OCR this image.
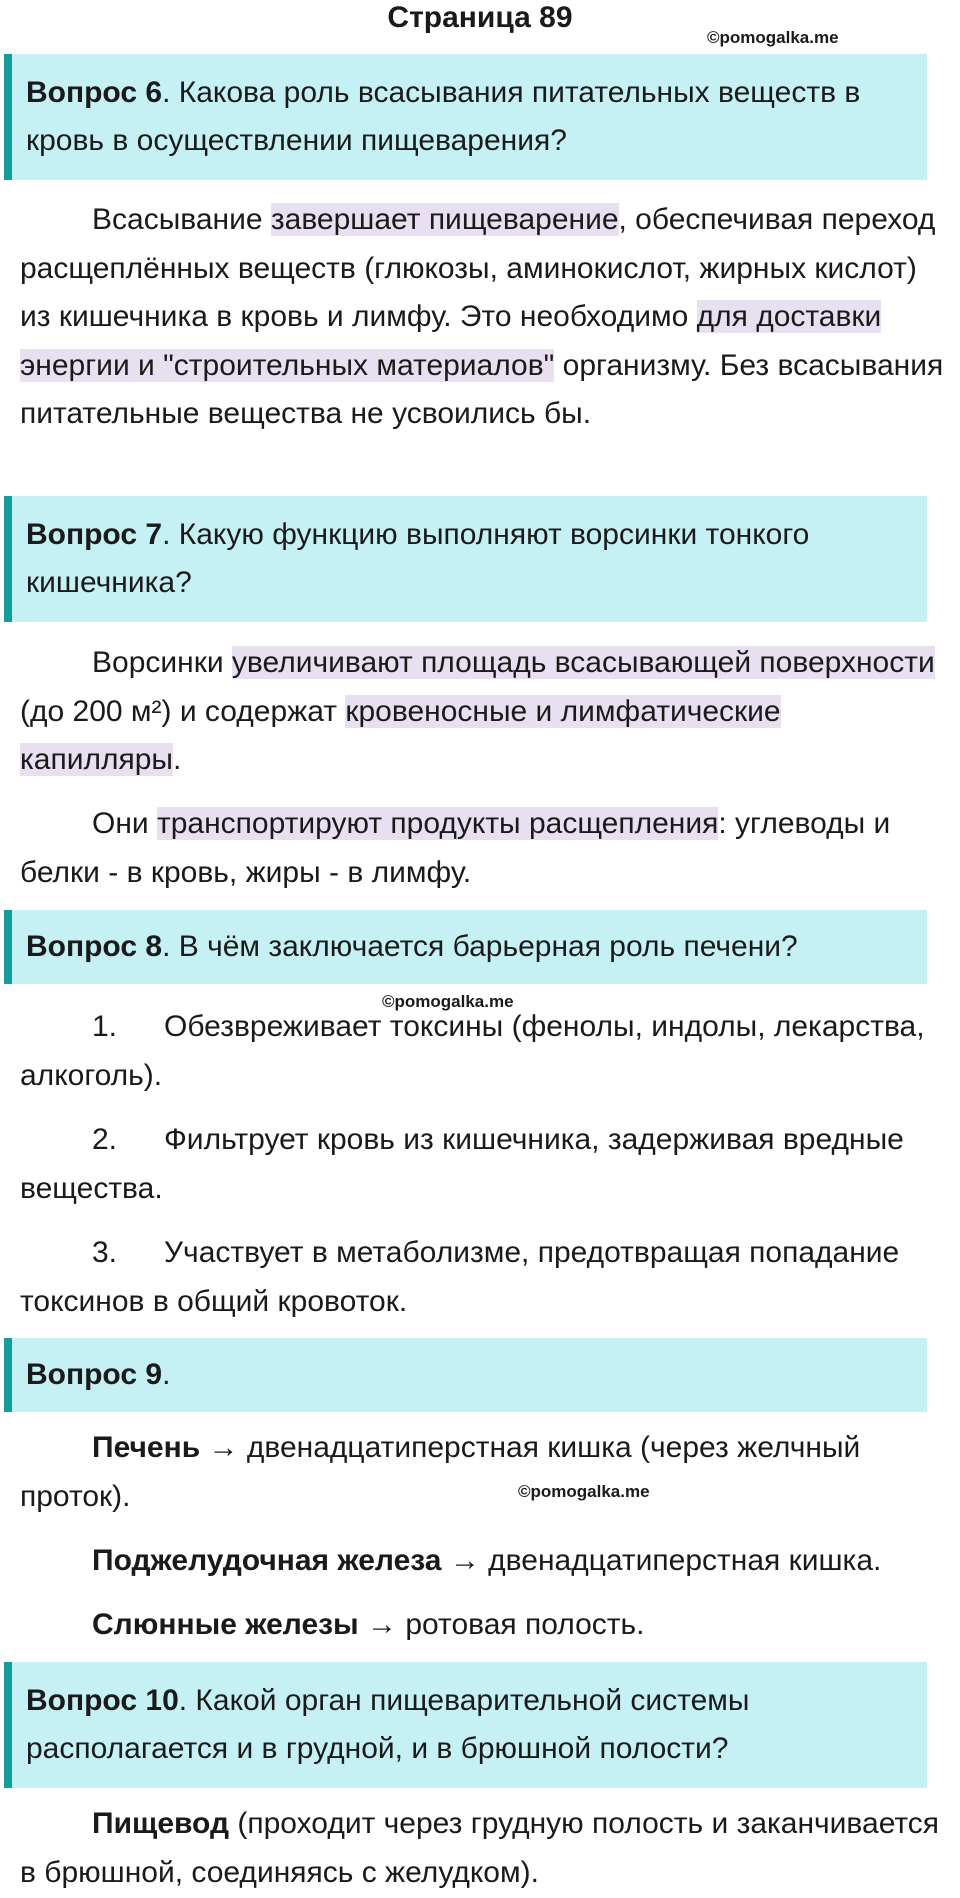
Страница 89
©pomogalka.me
Вопрос 6. Какова роль всасывания питательных веществ в кровь в осуществлении пищеварения?

Всасывание завершает пищеварение, обеспечивая переход расщеплённых веществ (глюкозы, аминокислот, жирных кислот) из кишечника в кровь и лимфу. Это необходимо для доставки энергии и "строительных материалов" организму. Без всасывания питательные вещества не усвоились бы.

Вопрос 7. Какую функцию выполняют ворсинки тонкого кишечника?

Ворсинки увеличивают площадь всасывающей поверхности (до 200 м²) и содержат кровеносные и лимфатические капилляры.

Они транспортируют продукты расщепления: углеводы и белки - в кровь, жиры - в лимфу.

Вопрос 8. В чём заключается барьерная роль печени?
©pomogalka.me

1. Обезвреживает токсины (фенолы, индолы, лекарства, алкоголь).

2. Фильтрует кровь из кишечника, задерживая вредные вещества.

3. Участвует в метаболизме, предотвращая попадание токсинов в общий кровоток.

Вопрос 9.

Печень → двенадцатиперстная кишка (через желчный проток).	©pomogalka.me

Поджелудочная железа → двенадцатиперстная кишка.

Слюнные железы → ротовая полость.

Вопрос 10. Какой орган пищеварительной системы располагается и в грудной, и в брюшной полости?

Пищевод (проходит через грудную полость и заканчивается в брюшной, соединяясь с желудком).
